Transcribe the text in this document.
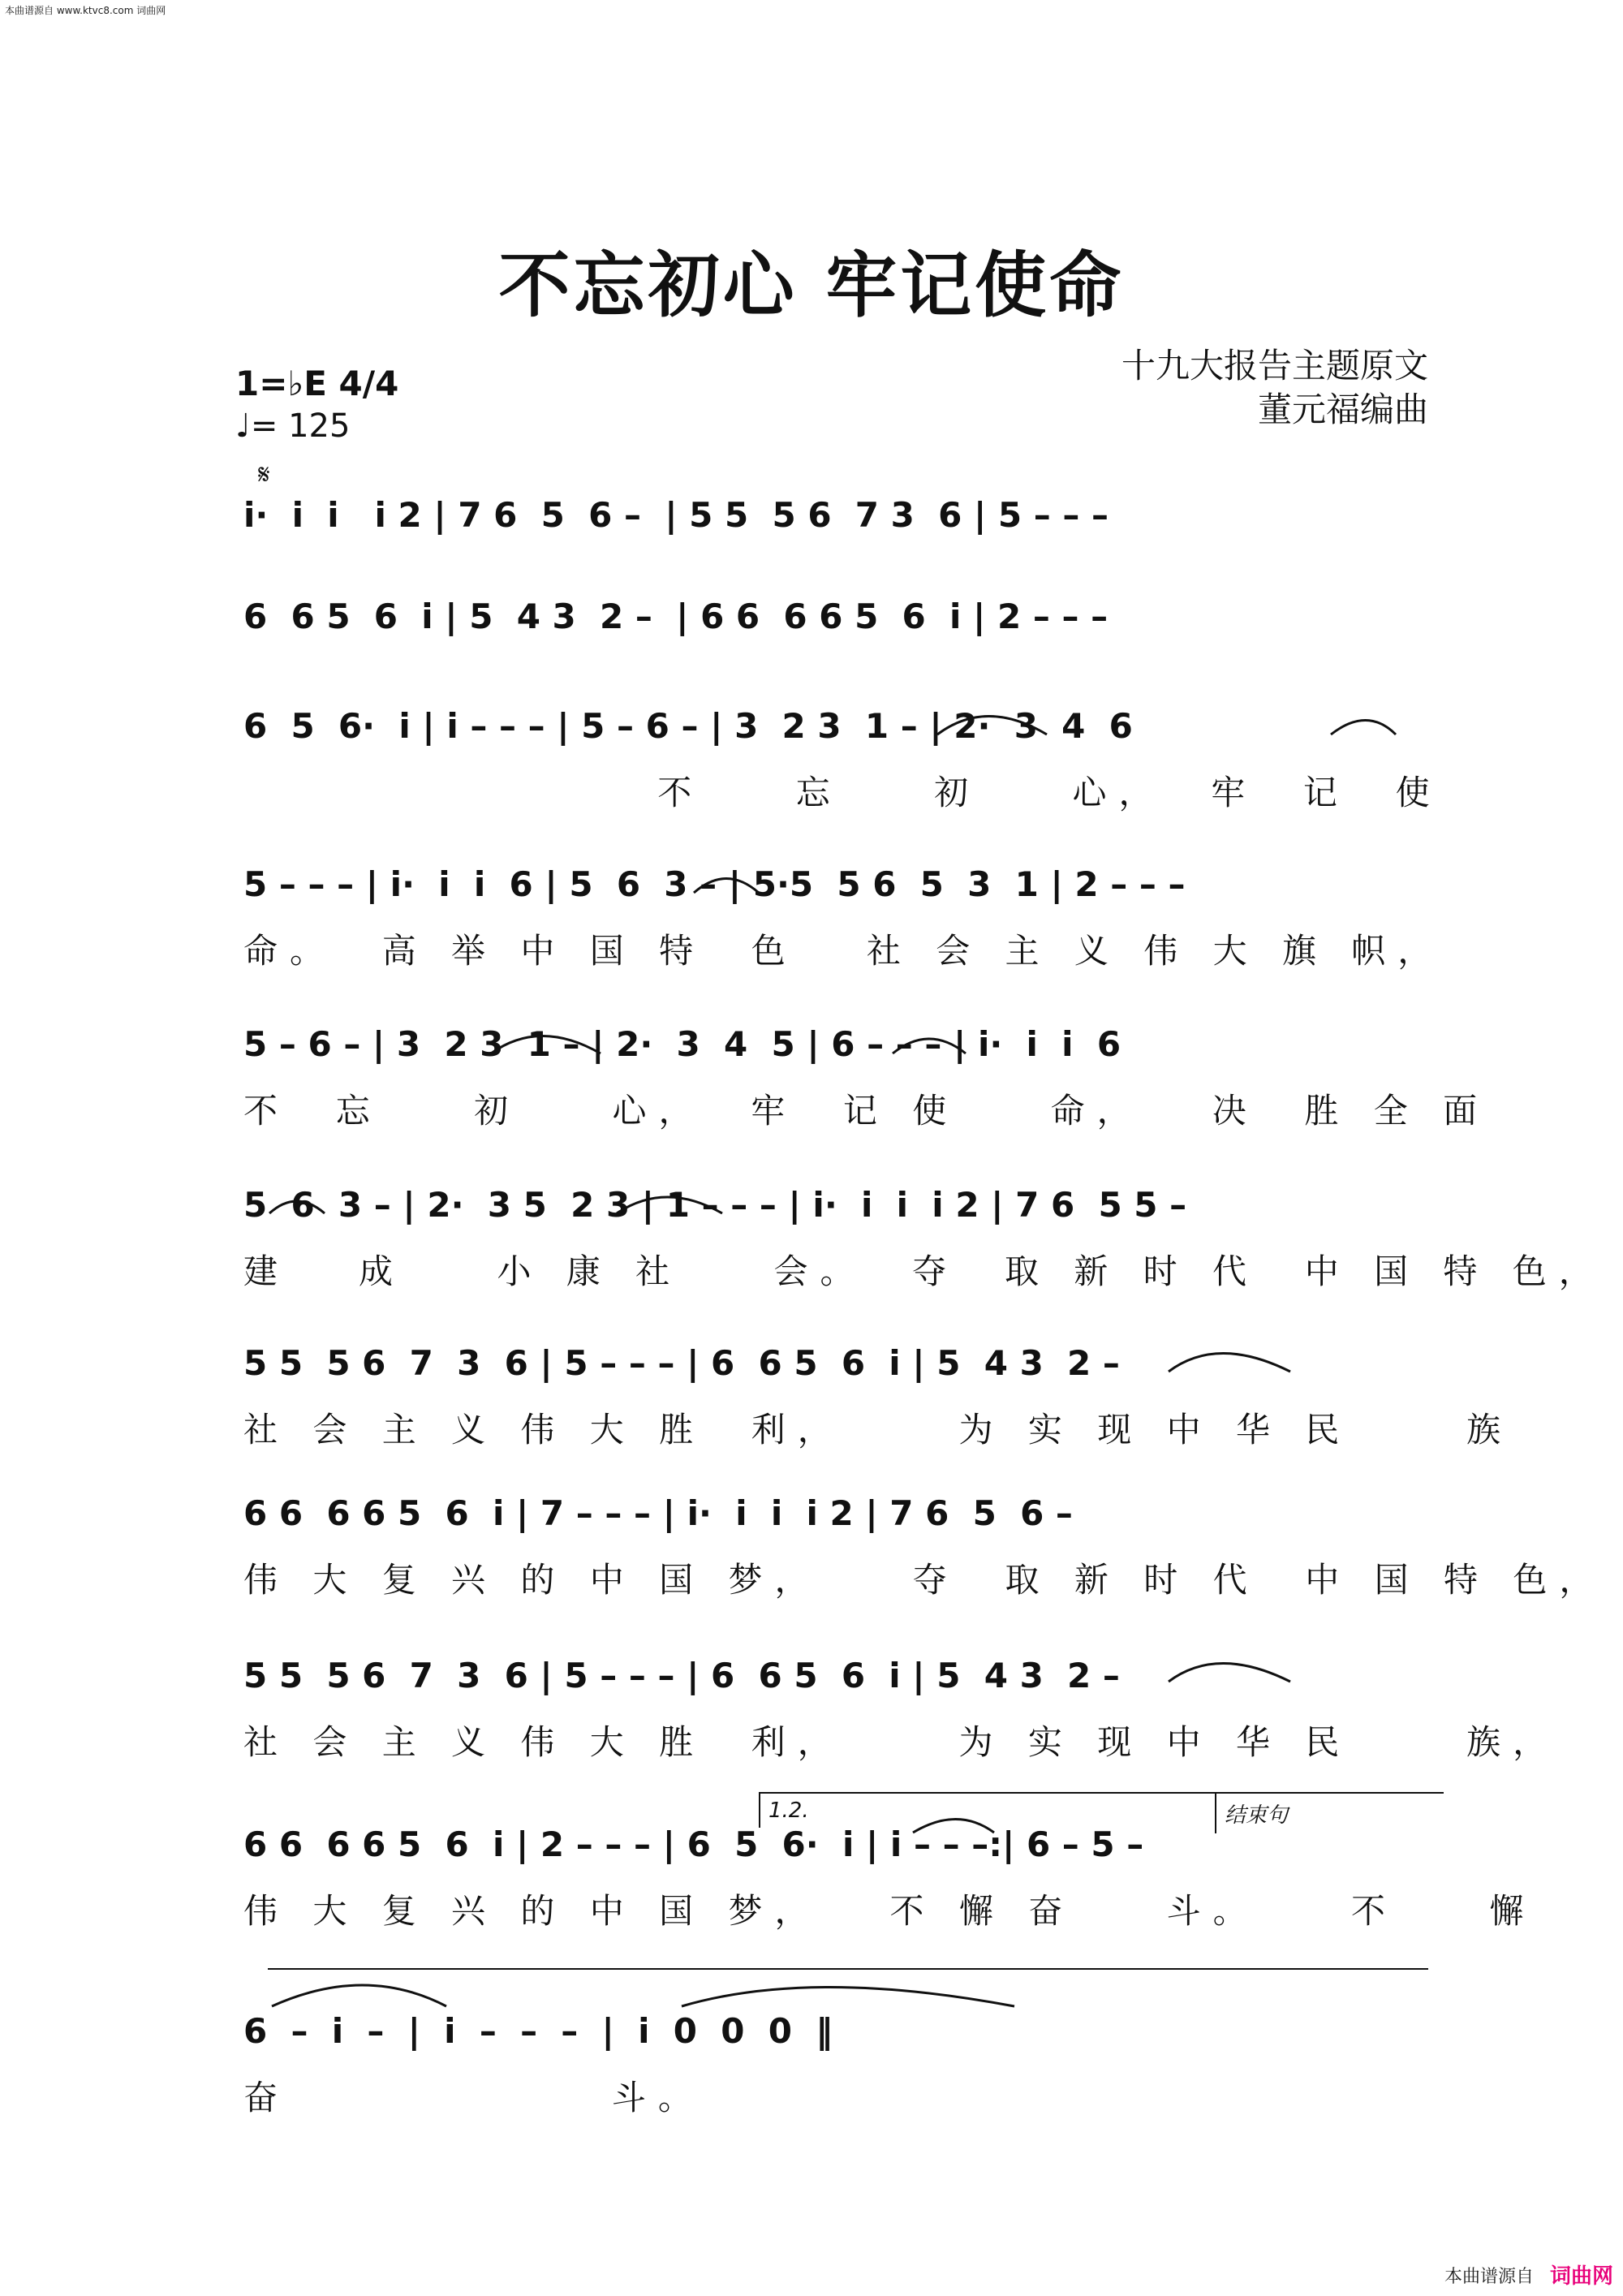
本曲谱源自 www.ktvc8.com 词曲网
不忘初心 牢记使命
十九大报告主题原文
董元福编曲
1=♭E 4/4
♩= 125
𝄋
i·  i  i   i 2 | 7 6  5  6 –  | 5 5  5 6  7 3  6 | 5 – – –
6  6 5  6  i | 5  4 3  2 –  | 6 6  6 6 5  6  i | 2 – – –
6  5  6·  i | i – – – | 5 – 6 – | 3  2 3  1 – | 2·  3  4  6
不    忘    初    心，  牢  记  使
5 – – – | i·  i  i  6 | 5  6  3 – | 5·5  5 6  5  3  1 | 2 – – –
命。  高 举 中 国 特  色   社 会 主 义 伟 大 旗 帜，
5 – 6 – | 3  2 3  1 – | 2·  3  4  5 | 6 – – – | i·  i  i  6
不  忘    初    心，  牢  记 使    命，   决  胜 全 面
5  6  3 – | 2·  3 5  2 3 | 1 – – – | i·  i  i  i 2 | 7 6  5 5 –
建   成    小 康 社    会。  夺  取 新 时 代  中 国 特 色，
5 5  5 6  7  3  6 | 5 – – – | 6  6 5  6  i | 5  4 3  2 –
社 会 主 义 伟 大 胜  利，     为 实 现 中 华 民     族
6 6  6 6 5  6  i | 7 – – – | i·  i  i  i 2 | 7 6  5  6 –
伟 大 复 兴 的 中 国 梦，    夺  取 新 时 代  中 国 特 色，
5 5  5 6  7  3  6 | 5 – – – | 6  6 5  6  i | 5  4 3  2 –
社 会 主 义 伟 大 胜  利，     为 实 现 中 华 民     族，
6 6  6 6 5  6  i | 2 – – – | 6  5  6·  i | i – – –:| 6 – 5 –
伟 大 复 兴 的 中 国 梦，   不 懈 奋    斗。    不    懈
6  –  i  –  |  i  –  –  –  |  i  0  0  0  ‖
奋              斗。
1.2.	结束句
本曲谱源自 词曲网
